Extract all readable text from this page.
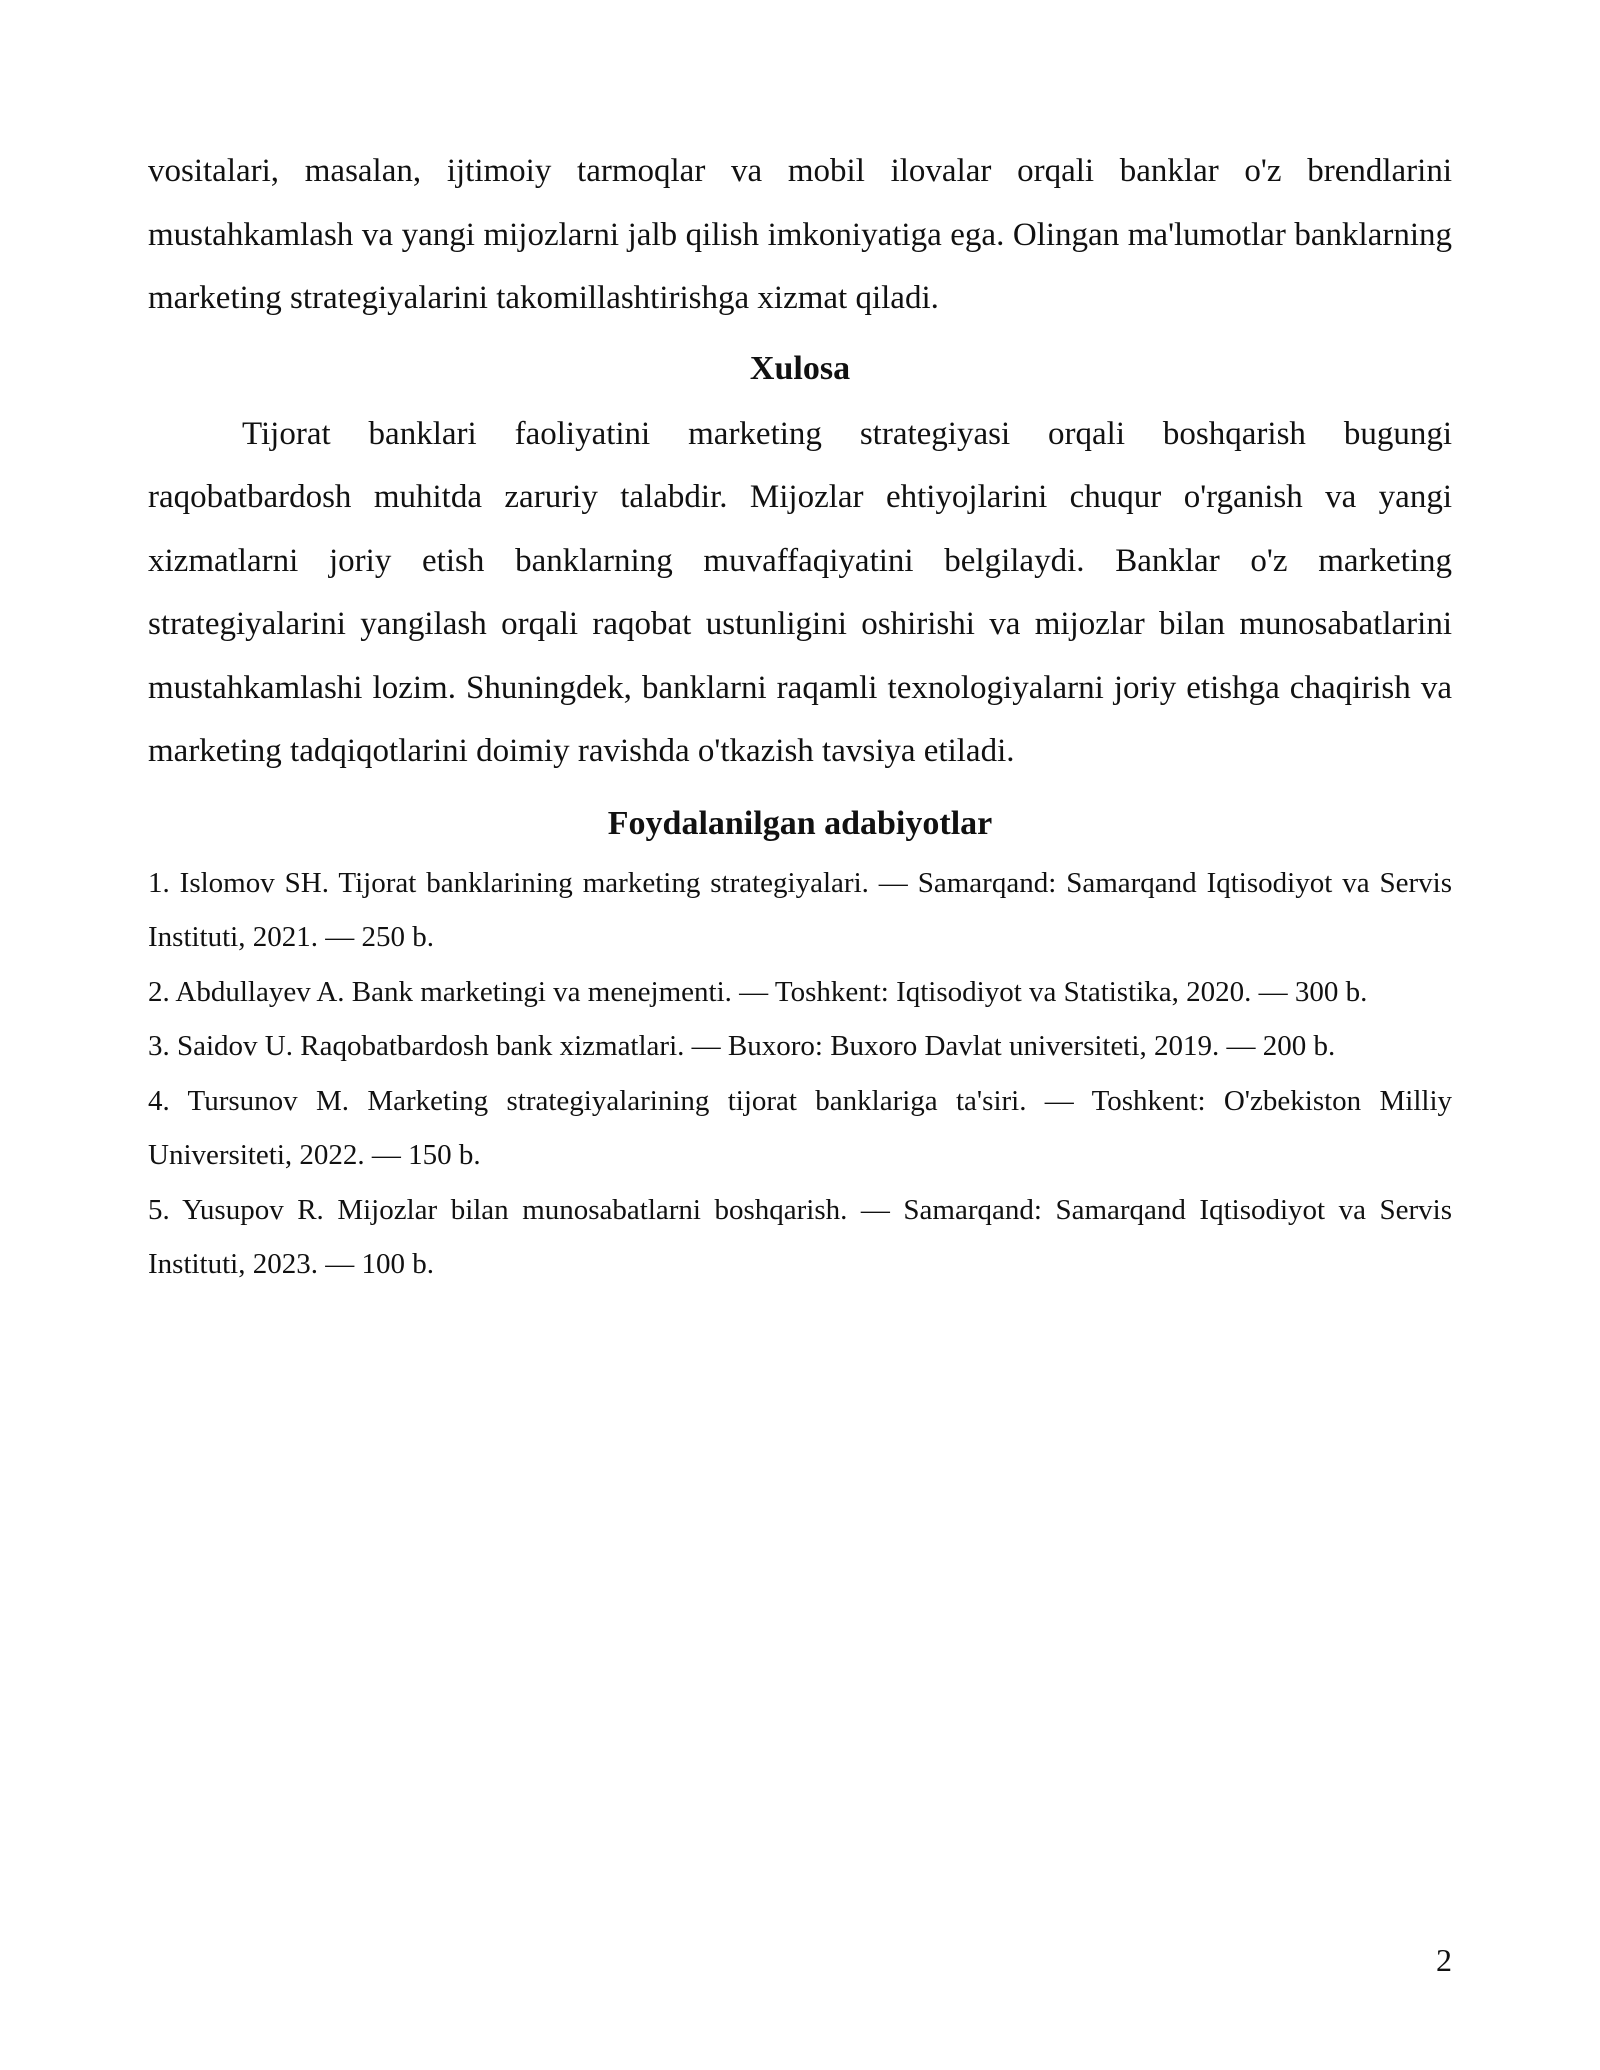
vositalari, masalan, ijtimoiy tarmoqlar va mobil ilovalar orqali banklar o'z brendlarini mustahkamlash va yangi mijozlarni jalb qilish imkoniyatiga ega. Olingan ma'lumotlar banklarning marketing strategiyalarini takomillashtirishga xizmat qiladi.

Xulosa

Tijorat banklari faoliyatini marketing strategiyasi orqali boshqarish bugungi raqobatbardosh muhitda zaruriy talabdir. Mijozlar ehtiyojlarini chuqur o'rganish va yangi xizmatlarni joriy etish banklarning muvaffaqiyatini belgilaydi. Banklar o'z marketing strategiyalarini yangilash orqali raqobat ustunligini oshirishi va mijozlar bilan munosabatlarini mustahkamlashi lozim. Shuningdek, banklarni raqamli texnologiyalarni joriy etishga chaqirish va marketing tadqiqotlarini doimiy ravishda o'tkazish tavsiya etiladi.

Foydalanilgan adabiyotlar
1. Islomov SH. Tijorat banklarining marketing strategiyalari. — Samarqand: Samarqand Iqtisodiyot va Servis Instituti, 2021. — 250 b.
2. Abdullayev A. Bank marketingi va menejmenti. — Toshkent: Iqtisodiyot va Statistika, 2020. — 300 b.
3. Saidov U. Raqobatbardosh bank xizmatlari. — Buxoro: Buxoro Davlat universiteti, 2019. — 200 b.
4. Tursunov M. Marketing strategiyalarining tijorat banklariga ta'siri. — Toshkent: O'zbekiston Milliy Universiteti, 2022. — 150 b.
5. Yusupov R. Mijozlar bilan munosabatlarni boshqarish. — Samarqand: Samarqand Iqtisodiyot va Servis Instituti, 2023. — 100 b.
2
